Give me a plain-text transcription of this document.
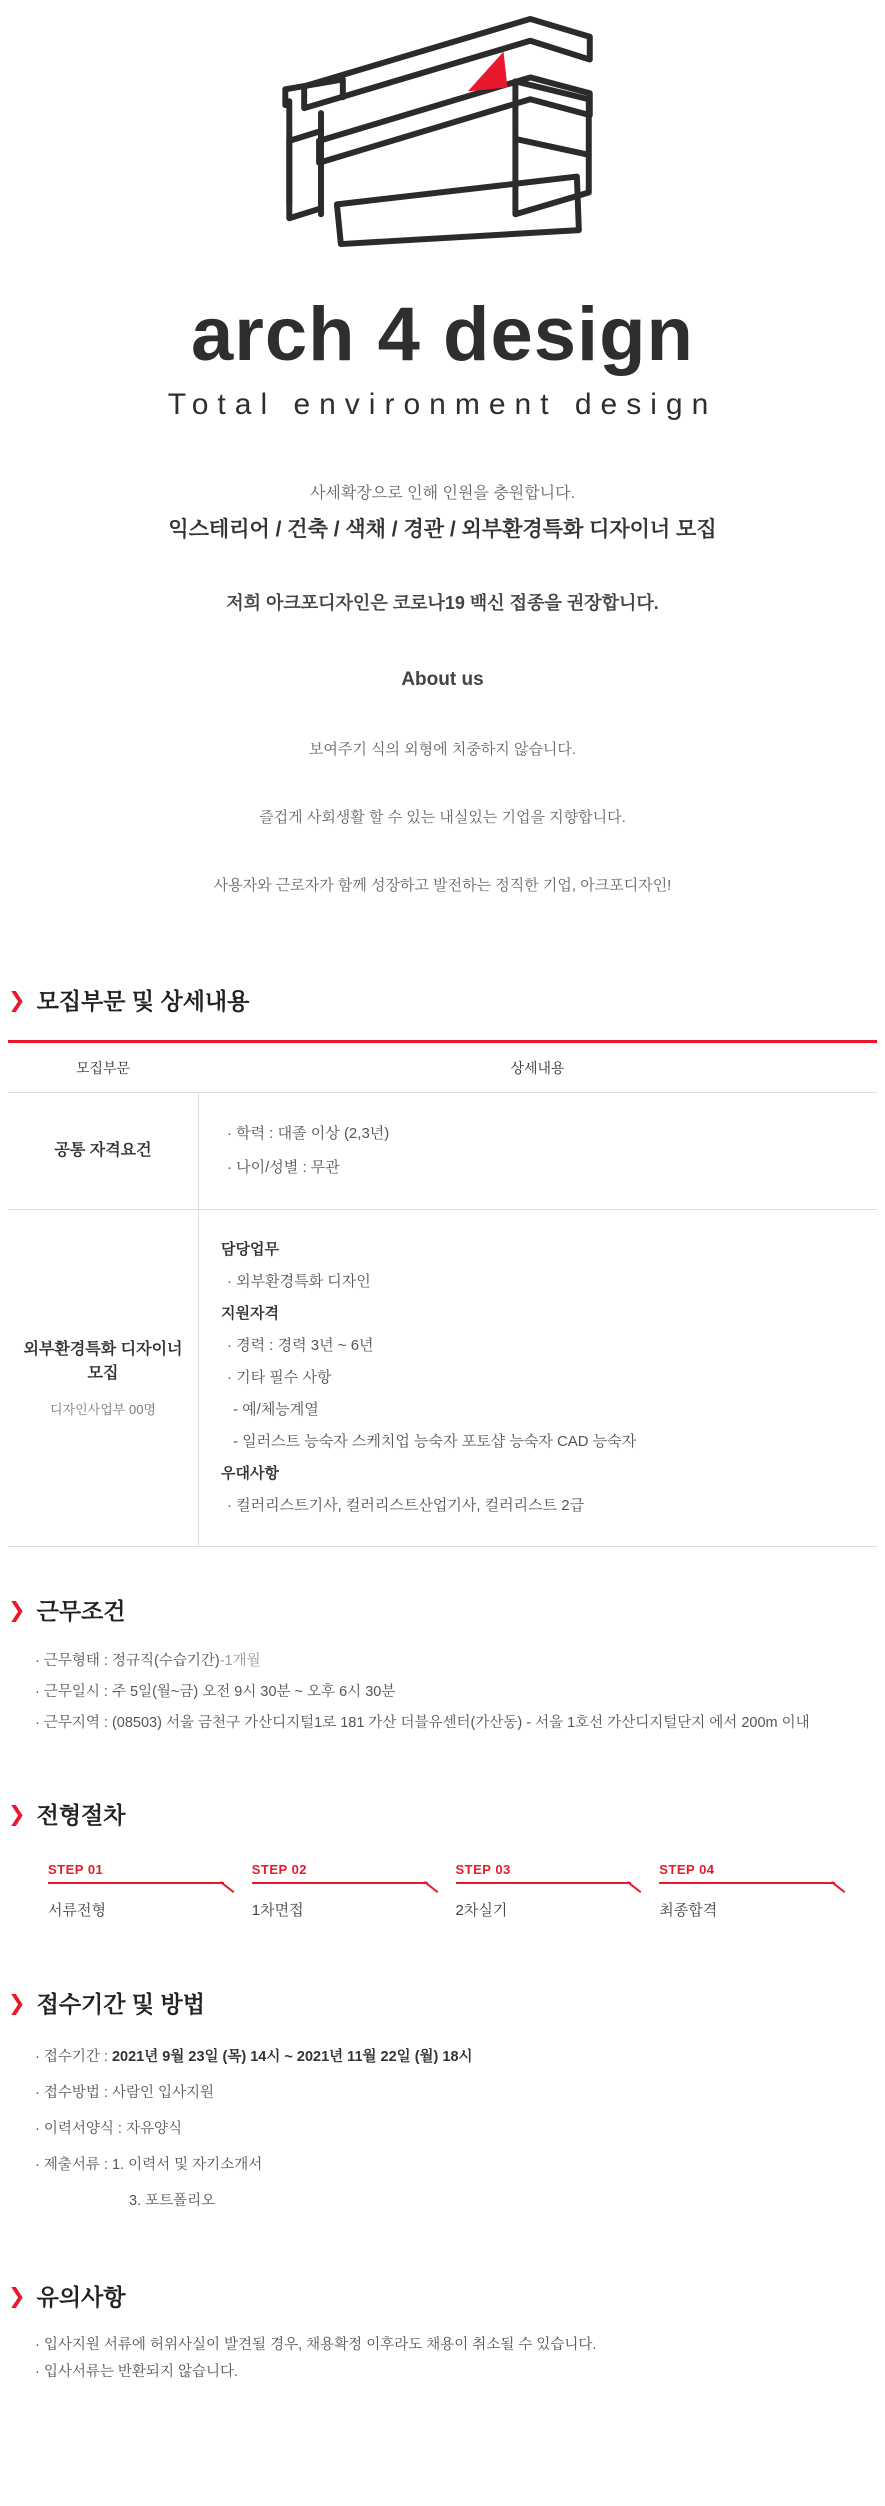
arch 4 design
Total environment design
사세확장으로 인해 인원을 충원합니다.
익스테리어 / 건축 / 색채 / 경관 / 외부환경특화 디자이너 모집
저희 아크포디자인은 코로나19 백신 접종을 권장합니다.
About us
보여주기 식의 외형에 치중하지 않습니다.
즐겁게 사회생활 할 수 있는 내실있는 기업을 지향합니다.
사용자와 근로자가 함께 성장하고 발전하는 정직한 기업, 아크포디자인!
❯ 모집부문 및 상세내용
모집부문	상세내용
공통 자격요건
· 학력 : 대졸 이상 (2,3년)
· 나이/성별 : 무관
외부환경특화 디자이너 모집
디자인사업부 00명
담당업무
· 외부환경특화 디자인
지원자격
· 경력 : 경력 3년 ~ 6년
· 기타 필수 사항
- 예/체능계열
- 일러스트 능숙자 스케치업 능숙자 포토샵 능숙자 CAD 능숙자
우대사항
· 컬러리스트기사, 컬러리스트산업기사, 컬러리스트 2급
❯ 근무조건
· 근무형태 : 정규직(수습기간)-1개월
· 근무일시 : 주 5일(월~금) 오전 9시 30분 ~ 오후 6시 30분
· 근무지역 : (08503) 서울 금천구 가산디지털1로 181 가산 더블유센터(가산동) - 서울 1호선 가산디지털단지 에서 200m 이내
❯ 전형절차
STEP 01
서류전형
STEP 02
1차면접
STEP 03
2차실기
STEP 04
최종합격
❯ 접수기간 및 방법
· 접수기간 : 2021년 9월 23일 (목) 14시 ~ 2021년 11월 22일 (월) 18시
· 접수방법 : 사람인 입사지원
· 이력서양식 : 자유양식
· 제출서류 : 1. 이력서 및 자기소개서
3. 포트폴리오
❯ 유의사항
· 입사지원 서류에 허위사실이 발견될 경우, 채용확정 이후라도 채용이 취소될 수 있습니다.
· 입사서류는 반환되지 않습니다.
